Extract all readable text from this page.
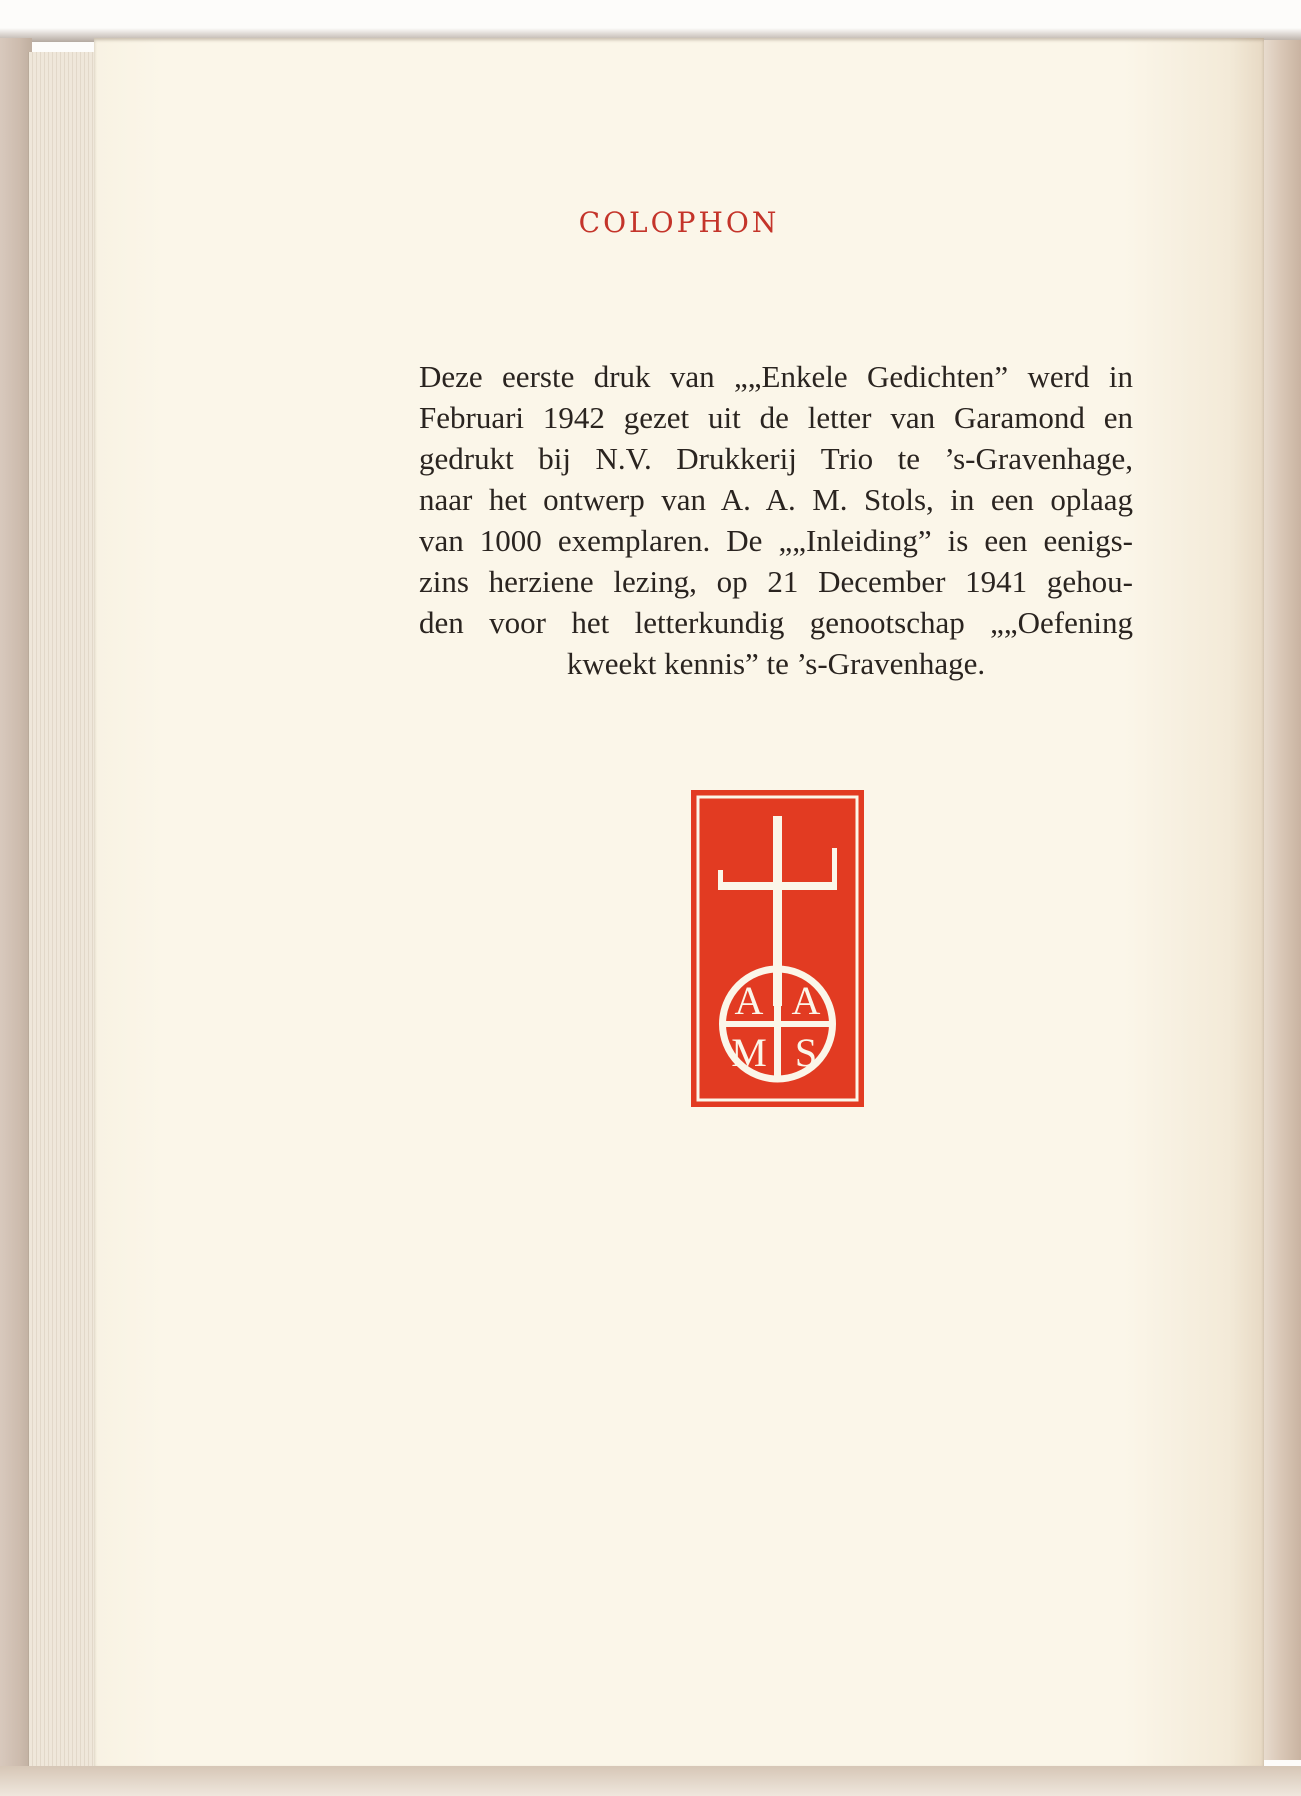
COLOPHON
Deze eerste druk van „„Enkele Gedichten” werd in
Februari 1942 gezet uit de letter van Garamond en
gedrukt bij N.V. Drukkerij Trio te ’s-Gravenhage,
naar het ontwerp van A. A. M. Stols, in een oplaag
van 1000 exemplaren. De „„Inleiding” is een eenigs-
zins herziene lezing, op 21 December 1941 gehou-
den voor het letterkundig genootschap „„Oefening
kweekt kennis” te ’s-Gravenhage.
A A
M S
